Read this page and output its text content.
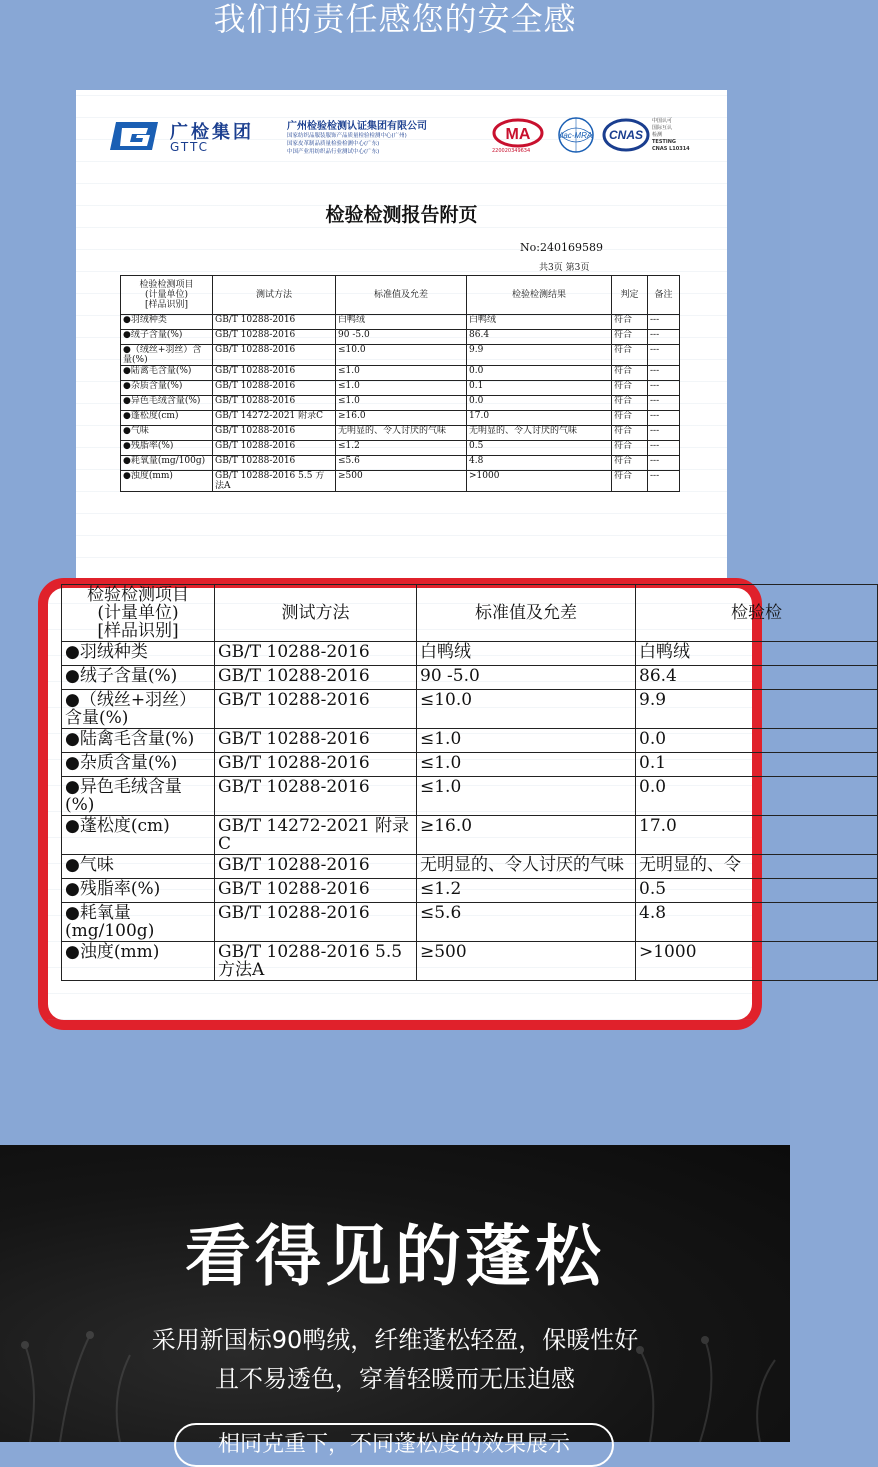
我们的责任感您的安全感
广检集团
GTTC
广州检验检测认证集团有限公司
国家纺织品服装服饰产品质量检验检测中心(广州)
国家皮革制品质量检验检测中心(广东)
中国产业用纺织品行业测试中心(广东)
MA
220020349634
ilac-MRA CNAS
中国认可
国际互认
检测
TESTING
CNAS L10314
检验检测报告附页
No:240169589
共3页 第3页
检验检测项目
(计量单位)
[样品识别]	测试方法	标准值及允差	检验检测结果	判定	备注
●羽绒种类	GB/T 10288-2016	白鸭绒	白鸭绒	符合	---
●绒子含量(%)	GB/T 10288-2016	90 -5.0	86.4	符合	---
●（绒丝+羽丝）含量(%)	GB/T 10288-2016	≤10.0	9.9	符合	---
●陆禽毛含量(%)	GB/T 10288-2016	≤1.0	0.0	符合	---
●杂质含量(%)	GB/T 10288-2016	≤1.0	0.1	符合	---
●异色毛绒含量(%)	GB/T 10288-2016	≤1.0	0.0	符合	---
●蓬松度(cm)	GB/T 14272-2021 附录C	≥16.0	17.0	符合	---
●气味	GB/T 10288-2016	无明显的、令人讨厌的气味	无明显的、令人讨厌的气味	符合	---
●残脂率(%)	GB/T 10288-2016	≤1.2	0.5	符合	---
●耗氧量(mg/100g)	GB/T 10288-2016	≤5.6	4.8	符合	---
●浊度(mm)	GB/T 10288-2016 5.5 方法A	≥500	>1000	符合	---
检验检测项目
(计量单位)
[样品识别]	测试方法	标准值及允差	检验检
●羽绒种类	GB/T 10288-2016	白鸭绒	白鸭绒
●绒子含量(%)	GB/T 10288-2016	90 -5.0	86.4
●（绒丝+羽丝）含量(%)	GB/T 10288-2016	≤10.0	9.9
●陆禽毛含量(%)	GB/T 10288-2016	≤1.0	0.0
●杂质含量(%)	GB/T 10288-2016	≤1.0	0.1
●异色毛绒含量(%)	GB/T 10288-2016	≤1.0	0.0
●蓬松度(cm)	GB/T 14272-2021 附录C	≥16.0	17.0
●气味	GB/T 10288-2016	无明显的、令人讨厌的气味	无明显的、令
●残脂率(%)	GB/T 10288-2016	≤1.2	0.5
●耗氧量(mg/100g)	GB/T 10288-2016	≤5.6	4.8
●浊度(mm)	GB/T 10288-2016 5.5 方法A	≥500	>1000
看得见的蓬松
采用新国标90鸭绒，纤维蓬松轻盈，保暖性好
且不易透色，穿着轻暖而无压迫感
相同克重下，不同蓬松度的效果展示
